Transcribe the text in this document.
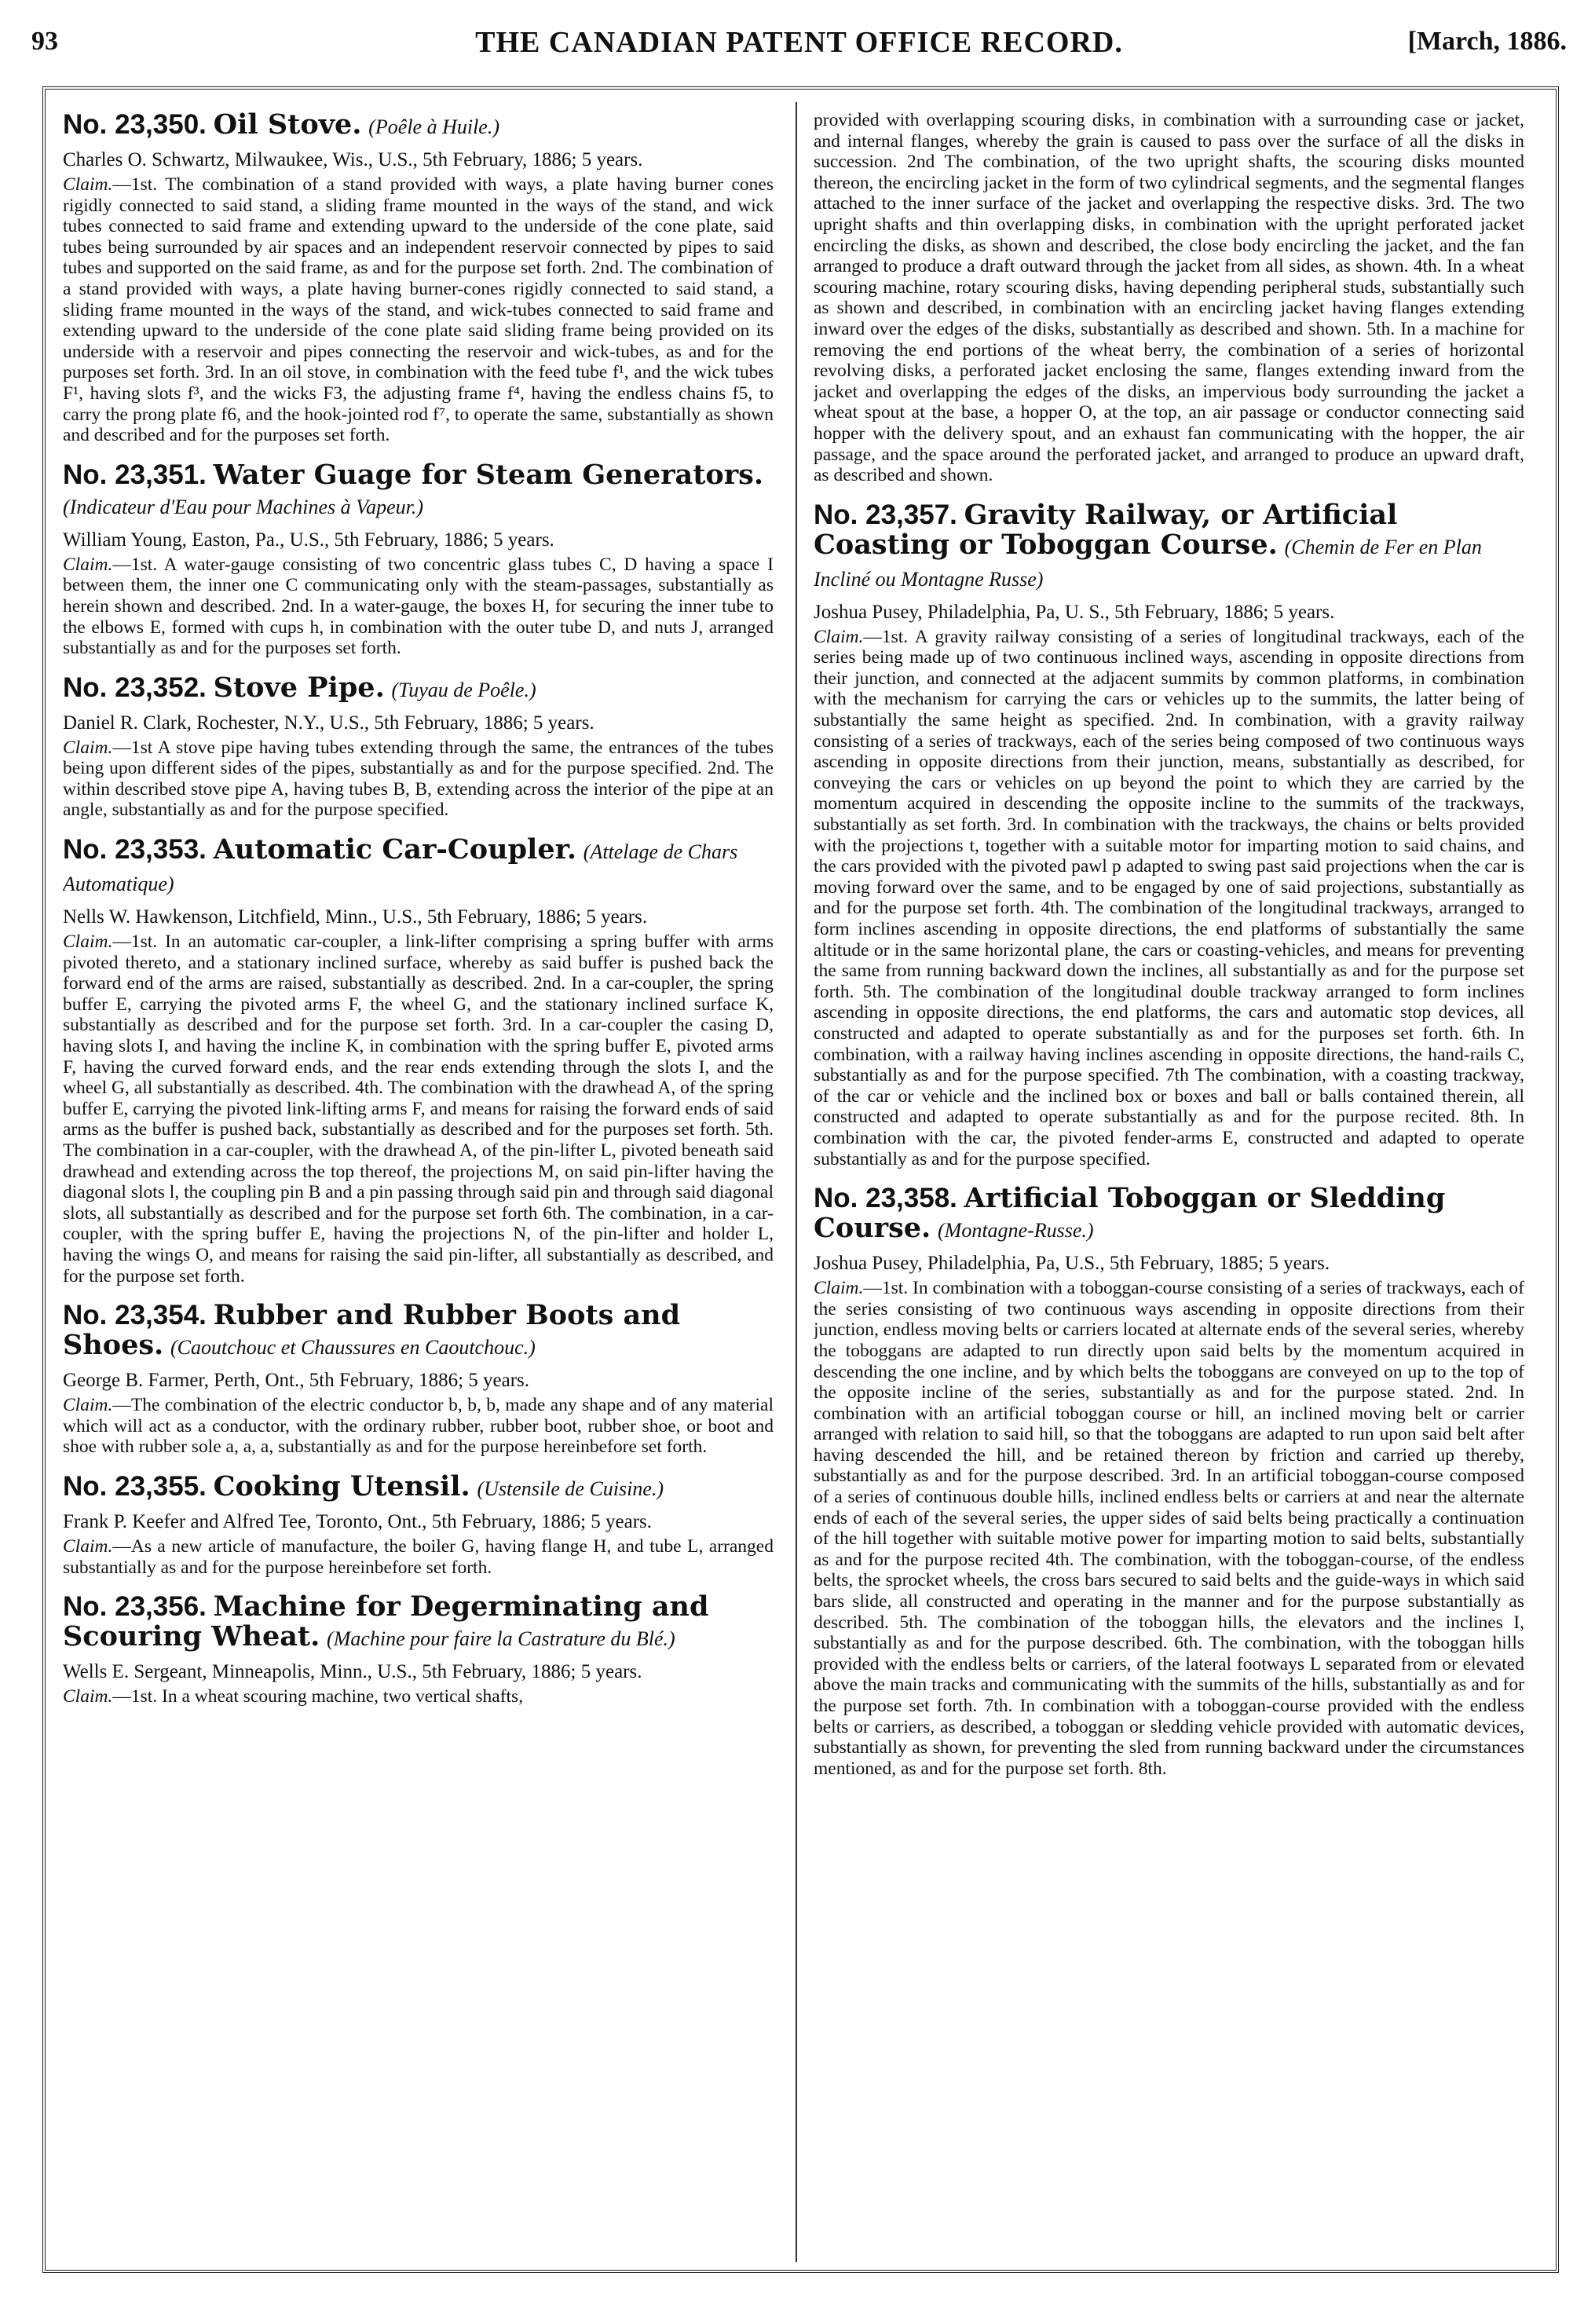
93	THE CANADIAN PATENT OFFICE RECORD.	[March, 1886.
No. 23,350. Oil Stove. (Poêle à Huile.)
Charles O. Schwartz, Milwaukee, Wis., U.S., 5th February, 1886; 5 years.
Claim.—1st. The combination of a stand provided with ways, a plate having burner cones rigidly connected to said stand, a sliding frame mounted in the ways of the stand, and wick tubes connected to said frame and extending upward to the underside of the cone plate, said tubes being surrounded by air spaces and an independent reservoir connected by pipes to said tubes and supported on the said frame, as and for the purpose set forth. 2nd. The combination of a stand provided with ways, a plate having burner-cones rigidly connected to said stand, a sliding frame mounted in the ways of the stand, and wick-tubes connected to said frame and extending upward to the underside of the cone plate said sliding frame being provided on its underside with a reservoir and pipes connecting the reservoir and wick-tubes, as and for the purposes set forth. 3rd. In an oil stove, in combination with the feed tube f¹, and the wick tubes F¹, having slots f³, and the wicks F3, the adjusting frame f⁴, having the endless chains f5, to carry the prong plate f6, and the hook-jointed rod f⁷, to operate the same, substantially as shown and described and for the purposes set forth.
No. 23,351. Water Guage for Steam Generators. (Indicateur d'Eau pour Machines à Vapeur.)
William Young, Easton, Pa., U.S., 5th February, 1886; 5 years.
Claim.—1st. A water-gauge consisting of two concentric glass tubes C, D having a space I between them, the inner one C communicating only with the steam-passages, substantially as herein shown and described. 2nd. In a water-gauge, the boxes H, for securing the inner tube to the elbows E, formed with cups h, in combination with the outer tube D, and nuts J, arranged substantially as and for the purposes set forth.
No. 23,352. Stove Pipe. (Tuyau de Poêle.)
Daniel R. Clark, Rochester, N.Y., U.S., 5th February, 1886; 5 years.
Claim.—1st A stove pipe having tubes extending through the same, the entrances of the tubes being upon different sides of the pipes, substantially as and for the purpose specified. 2nd. The within described stove pipe A, having tubes B, B, extending across the interior of the pipe at an angle, substantially as and for the purpose specified.
No. 23,353. Automatic Car-Coupler. (Attelage de Chars Automatique)
Nells W. Hawkenson, Litchfield, Minn., U.S., 5th February, 1886; 5 years.
Claim.—1st. In an automatic car-coupler, a link-lifter comprising a spring buffer with arms pivoted thereto, and a stationary inclined surface, whereby as said buffer is pushed back the forward end of the arms are raised, substantially as described. 2nd. In a car-coupler, the spring buffer E, carrying the pivoted arms F, the wheel G, and the stationary inclined surface K, substantially as described and for the purpose set forth. 3rd. In a car-coupler the casing D, having slots I, and having the incline K, in combination with the spring buffer E, pivoted arms F, having the curved forward ends, and the rear ends extending through the slots I, and the wheel G, all substantially as described. 4th. The combination with the drawhead A, of the spring buffer E, carrying the pivoted link-lifting arms F, and means for raising the forward ends of said arms as the buffer is pushed back, substantially as described and for the purposes set forth. 5th. The combination in a car-coupler, with the drawhead A, of the pin-lifter L, pivoted beneath said drawhead and extending across the top thereof, the projections M, on said pin-lifter having the diagonal slots l, the coupling pin B and a pin passing through said pin and through said diagonal slots, all substantially as described and for the purpose set forth 6th. The combination, in a car-coupler, with the spring buffer E, having the projections N, of the pin-lifter and holder L, having the wings O, and means for raising the said pin-lifter, all substantially as described, and for the purpose set forth.
No. 23,354. Rubber and Rubber Boots and Shoes. (Caoutchouc et Chaussures en Caoutchouc.)
George B. Farmer, Perth, Ont., 5th February, 1886; 5 years.
Claim.—The combination of the electric conductor b, b, b, made any shape and of any material which will act as a conductor, with the ordinary rubber, rubber boot, rubber shoe, or boot and shoe with rubber sole a, a, a, substantially as and for the purpose hereinbefore set forth.
No. 23,355. Cooking Utensil. (Ustensile de Cuisine.)
Frank P. Keefer and Alfred Tee, Toronto, Ont., 5th February, 1886; 5 years.
Claim.—As a new article of manufacture, the boiler G, having flange H, and tube L, arranged substantially as and for the purpose hereinbefore set forth.
No. 23,356. Machine for Degerminating and Scouring Wheat. (Machine pour faire la Castrature du Blé.)
Wells E. Sergeant, Minneapolis, Minn., U.S., 5th February, 1886; 5 years.
Claim.—1st. In a wheat scouring machine, two vertical shafts,
provided with overlapping scouring disks, in combination with a surrounding case or jacket, and internal flanges, whereby the grain is caused to pass over the surface of all the disks in succession. 2nd The combination, of the two upright shafts, the scouring disks mounted thereon, the encircling jacket in the form of two cylindrical segments, and the segmental flanges attached to the inner surface of the jacket and overlapping the respective disks. 3rd. The two upright shafts and thin overlapping disks, in combination with the upright perforated jacket encircling the disks, as shown and described, the close body encircling the jacket, and the fan arranged to produce a draft outward through the jacket from all sides, as shown. 4th. In a wheat scouring machine, rotary scouring disks, having depending peripheral studs, substantially such as shown and described, in combination with an encircling jacket having flanges extending inward over the edges of the disks, substantially as described and shown. 5th. In a machine for removing the end portions of the wheat berry, the combination of a series of horizontal revolving disks, a perforated jacket enclosing the same, flanges extending inward from the jacket and overlapping the edges of the disks, an impervious body surrounding the jacket a wheat spout at the base, a hopper O, at the top, an air passage or conductor connecting said hopper with the delivery spout, and an exhaust fan communicating with the hopper, the air passage, and the space around the perforated jacket, and arranged to produce an upward draft, as described and shown.
No. 23,357. Gravity Railway, or Artificial Coasting or Toboggan Course. (Chemin de Fer en Plan Incliné ou Montagne Russe)
Joshua Pusey, Philadelphia, Pa, U. S., 5th February, 1886; 5 years.
Claim.—1st. A gravity railway consisting of a series of longitudinal trackways, each of the series being made up of two continuous inclined ways, ascending in opposite directions from their junction, and connected at the adjacent summits by common platforms, in combination with the mechanism for carrying the cars or vehicles up to the summits, the latter being of substantially the same height as specified. 2nd. In combination, with a gravity railway consisting of a series of trackways, each of the series being composed of two continuous ways ascending in opposite directions from their junction, means, substantially as described, for conveying the cars or vehicles on up beyond the point to which they are carried by the momentum acquired in descending the opposite incline to the summits of the trackways, substantially as set forth. 3rd. In combination with the trackways, the chains or belts provided with the projections t, together with a suitable motor for imparting motion to said chains, and the cars provided with the pivoted pawl p adapted to swing past said projections when the car is moving forward over the same, and to be engaged by one of said projections, substantially as and for the purpose set forth. 4th. The combination of the longitudinal trackways, arranged to form inclines ascending in opposite directions, the end platforms of substantially the same altitude or in the same horizontal plane, the cars or coasting-vehicles, and means for preventing the same from running backward down the inclines, all substantially as and for the purpose set forth. 5th. The combination of the longitudinal double trackway arranged to form inclines ascending in opposite directions, the end platforms, the cars and automatic stop devices, all constructed and adapted to operate substantially as and for the purposes set forth. 6th. In combination, with a railway having inclines ascending in opposite directions, the hand-rails C, substantially as and for the purpose specified. 7th The combination, with a coasting trackway, of the car or vehicle and the inclined box or boxes and ball or balls contained therein, all constructed and adapted to operate substantially as and for the purpose recited. 8th. In combination with the car, the pivoted fender-arms E, constructed and adapted to operate substantially as and for the purpose specified.
No. 23,358. Artificial Toboggan or Sledding Course. (Montagne-Russe.)
Joshua Pusey, Philadelphia, Pa, U.S., 5th February, 1885; 5 years.
Claim.—1st. In combination with a toboggan-course consisting of a series of trackways, each of the series consisting of two continuous ways ascending in opposite directions from their junction, endless moving belts or carriers located at alternate ends of the several series, whereby the toboggans are adapted to run directly upon said belts by the momentum acquired in descending the one incline, and by which belts the toboggans are conveyed on up to the top of the opposite incline of the series, substantially as and for the purpose stated. 2nd. In combination with an artificial toboggan course or hill, an inclined moving belt or carrier arranged with relation to said hill, so that the toboggans are adapted to run upon said belt after having descended the hill, and be retained thereon by friction and carried up thereby, substantially as and for the purpose described. 3rd. In an artificial toboggan-course composed of a series of continuous double hills, inclined endless belts or carriers at and near the alternate ends of each of the several series, the upper sides of said belts being practically a continuation of the hill together with suitable motive power for imparting motion to said belts, substantially as and for the purpose recited 4th. The combination, with the toboggan-course, of the endless belts, the sprocket wheels, the cross bars secured to said belts and the guide-ways in which said bars slide, all constructed and operating in the manner and for the purpose substantially as described. 5th. The combination of the toboggan hills, the elevators and the inclines I, substantially as and for the purpose described. 6th. The combination, with the toboggan hills provided with the endless belts or carriers, of the lateral footways L separated from or elevated above the main tracks and communicating with the summits of the hills, substantially as and for the purpose set forth. 7th. In combination with a toboggan-course provided with the endless belts or carriers, as described, a toboggan or sledding vehicle provided with automatic devices, substantially as shown, for preventing the sled from running backward under the circumstances mentioned, as and for the purpose set forth. 8th.
